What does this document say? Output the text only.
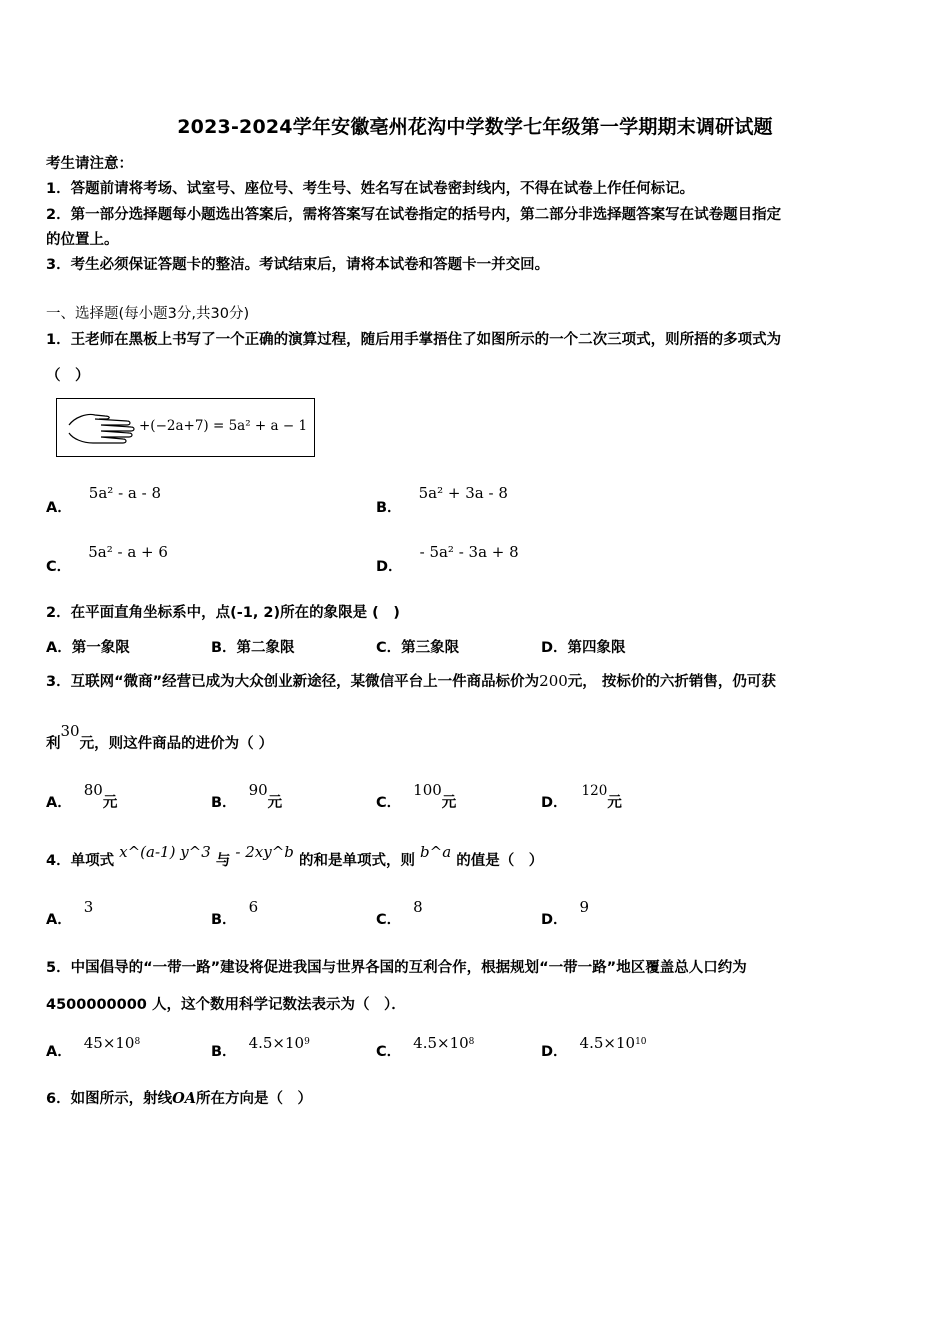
2023-2024学年安徽亳州花沟中学数学七年级第一学期期末调研试题
考生请注意：
1．答题前请将考场、试室号、座位号、考生号、姓名写在试卷密封线内，不得在试卷上作任何标记。
2．第一部分选择题每小题选出答案后，需将答案写在试卷指定的括号内，第二部分非选择题答案写在试卷题目指定
的位置上。
3．考生必须保证答题卡的整洁。考试结束后，请将本试卷和答题卡一并交回。
一、选择题(每小题3分,共30分)
1．王老师在黑板上书写了一个正确的演算过程，随后用手掌捂住了如图所示的一个二次三项式，则所捂的多项式为
（　）
+(−2a+7) = 5a² + a − 1
A． 5a² - a - 8
B． 5a² + 3a - 8
C． 5a² - a + 6
D． - 5a² - 3a + 8
2．在平面直角坐标系中，点(-1, 2)所在的象限是 (　)
A．第一象限	B．第二象限	C．第三象限	D．第四象限
3．互联网“微商”经营已成为大众创业新途径，某微信平台上一件商品标价为200元， 按标价的六折销售，仍可获
利30元，则这件商品的进价为（ ）
A．80元	B．90元	C．100元	D．120元
4．单项式 x^(a-1) y^3 与 - 2xy^b 的和是单项式，则 b^a 的值是（　）
A．3
B．6
C．8
D．9
5．中国倡导的“一带一路”建设将促进我国与世界各国的互利合作，根据规划“一带一路”地区覆盖总人口约为
4500000000 人，这个数用科学记数法表示为（　）．
A． $45\times 10^8$
B． $4.5\times 10^9$
C． $4.5\times 10^8$
D． $4.5\times 10^{10}$
6．如图所示，射线OA所在方向是（　）
